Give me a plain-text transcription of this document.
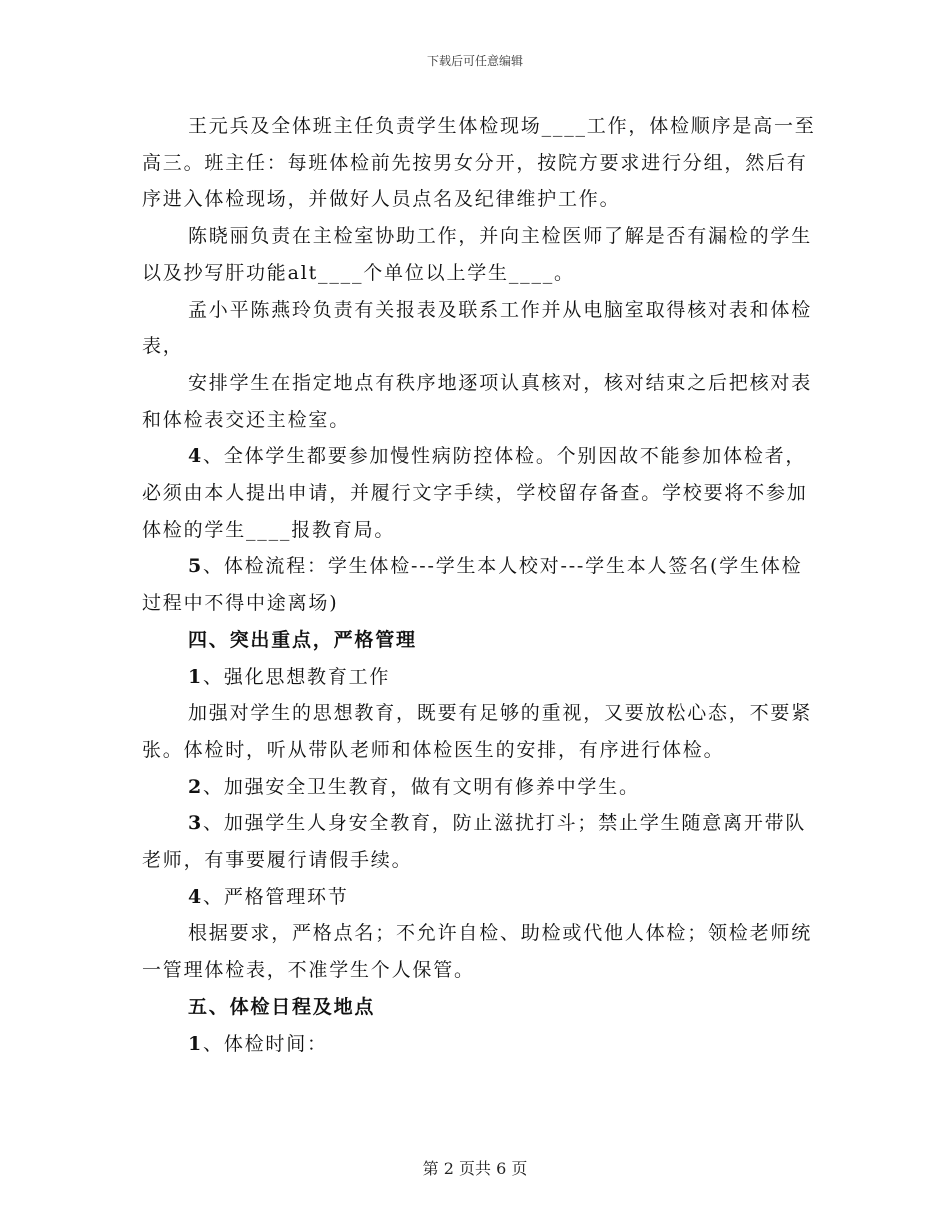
下载后可任意编辑

王元兵及全体班主任负责学生体检现场____工作，体检顺序是高一至高三。班主任：每班体检前先按男女分开，按院方要求进行分组，然后有序进入体检现场，并做好人员点名及纪律维护工作。

陈晓丽负责在主检室协助工作，并向主检医师了解是否有漏检的学生以及抄写肝功能alt____个单位以上学生____。

孟小平陈燕玲负责有关报表及联系工作并从电脑室取得核对表和体检表，

安排学生在指定地点有秩序地逐项认真核对，核对结束之后把核对表和体检表交还主检室。

4、全体学生都要参加慢性病防控体检。个别因故不能参加体检者，必须由本人提出申请，并履行文字手续，学校留存备查。学校要将不参加体检的学生____报教育局。

5、体检流程：学生体检---学生本人校对---学生本人签名(学生体检过程中不得中途离场)

四、突出重点，严格管理

1、强化思想教育工作

加强对学生的思想教育，既要有足够的重视，又要放松心态，不要紧张。体检时，听从带队老师和体检医生的安排，有序进行体检。

2、加强安全卫生教育，做有文明有修养中学生。

3、加强学生人身安全教育，防止滋扰打斗；禁止学生随意离开带队老师，有事要履行请假手续。

4、严格管理环节

根据要求，严格点名；不允许自检、助检或代他人体检；领检老师统一管理体检表，不准学生个人保管。

五、体检日程及地点

1、体检时间：

第 2 页共 6 页
